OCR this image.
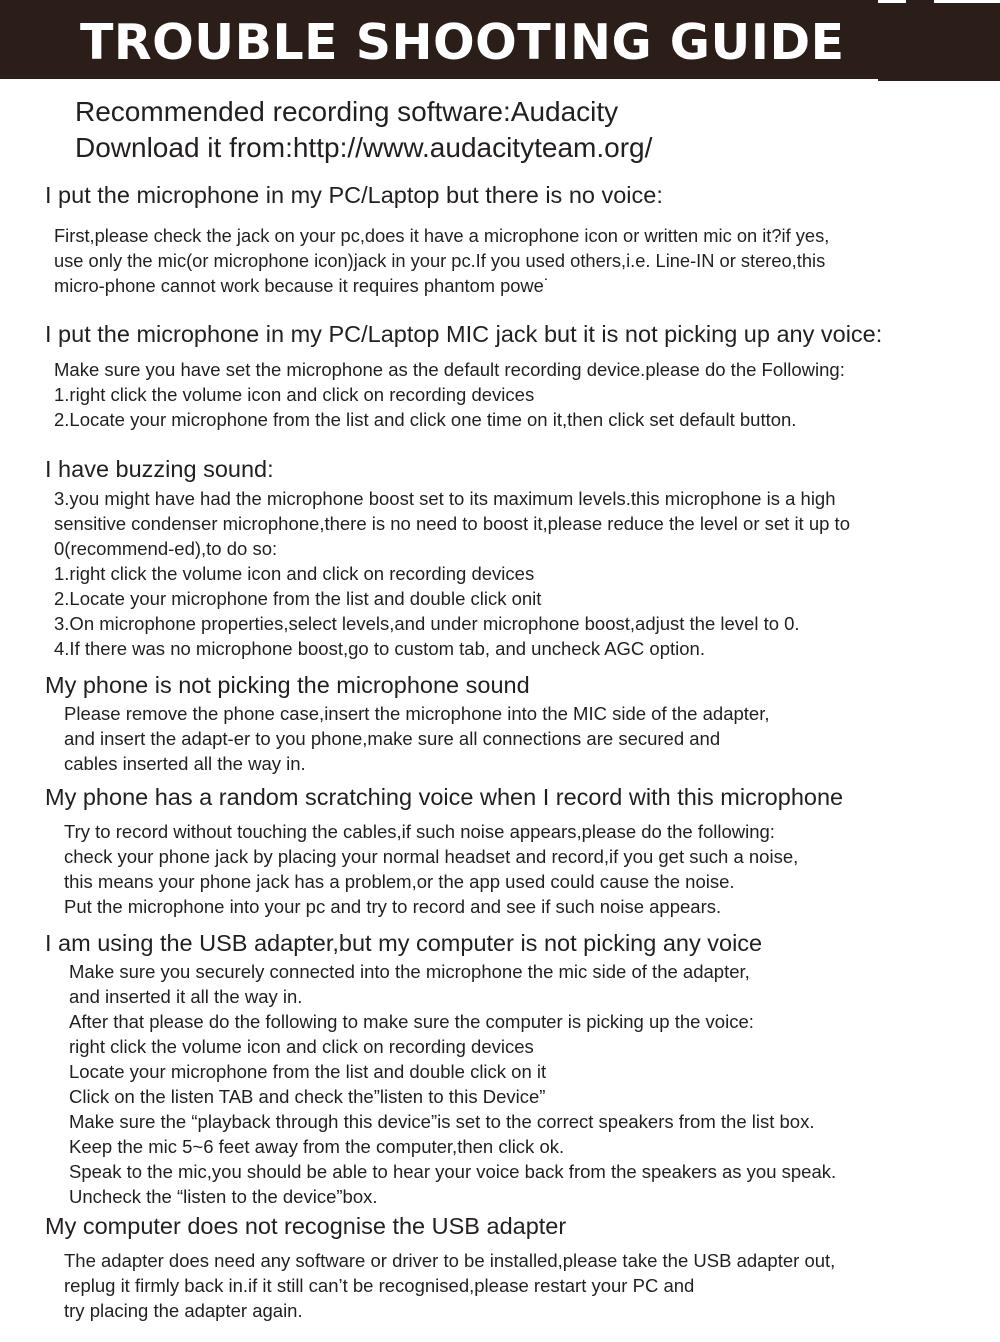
TROUBLE SHOOTING GUIDE
Recommended recording software:Audacity
Download it from:http://www.audacityteam.org/
I put the microphone in my PC/Laptop but there is no voice:
First,please check the jack on your pc,does it have a microphone icon or written mic on it?if yes,
use only the mic(or microphone icon)jack in your pc.If you used others,i.e. Line-IN or stereo,this
micro-phone cannot work because it requires phantom powe˙
I put the microphone in my PC/Laptop MIC jack but it is not picking up any voice:
Make sure you have set the microphone as the default recording device.please do the Following:
1.right click the volume icon and click on recording devices
2.Locate your microphone from the list and click one time on it,then click set default button.
I have buzzing sound:
3.you might have had the microphone boost set to its maximum levels.this microphone is a high
sensitive condenser microphone,there is no need to boost it,please reduce the level or set it up to
0(recommend-ed),to do so:
1.right click the volume icon and click on recording devices
2.Locate your microphone from the list and double click onit
3.On microphone properties,select levels,and under microphone boost,adjust the level to 0.
4.If there was no microphone boost,go to custom tab, and uncheck AGC option.
My phone is not picking the microphone sound
Please remove the phone case,insert the microphone into the MIC side of the adapter,
and insert the adapt-er to you phone,make sure all connections are secured and
cables inserted all the way in.
My phone has a random scratching voice when I record with this microphone
Try to record without touching the cables,if such noise appears,please do the following:
check your phone jack by placing your normal headset and record,if you get such a noise,
this means your phone jack has a problem,or the app used could cause the noise.
Put the microphone into your pc and try to record and see if such noise appears.
I am using the USB adapter,but my computer is not picking any voice
Make sure you securely connected into the microphone the mic side of the adapter,
and inserted it all the way in.
After that please do the following to make sure the computer is picking up the voice:
right click the volume icon and click on recording devices
Locate your microphone from the list and double click on it
Click on the listen TAB and check the”listen to this Device”
Make sure the “playback through this device”is set to the correct speakers from the list box.
Keep the mic 5~6 feet away from the computer,then click ok.
Speak to the mic,you should be able to hear your voice back from the speakers as you speak.
Uncheck the “listen to the device”box.
My computer does not recognise the USB adapter
The adapter does need any software or driver to be installed,please take the USB adapter out,
replug it firmly back in.if it still can’t be recognised,please restart your PC and
try placing the adapter again.
